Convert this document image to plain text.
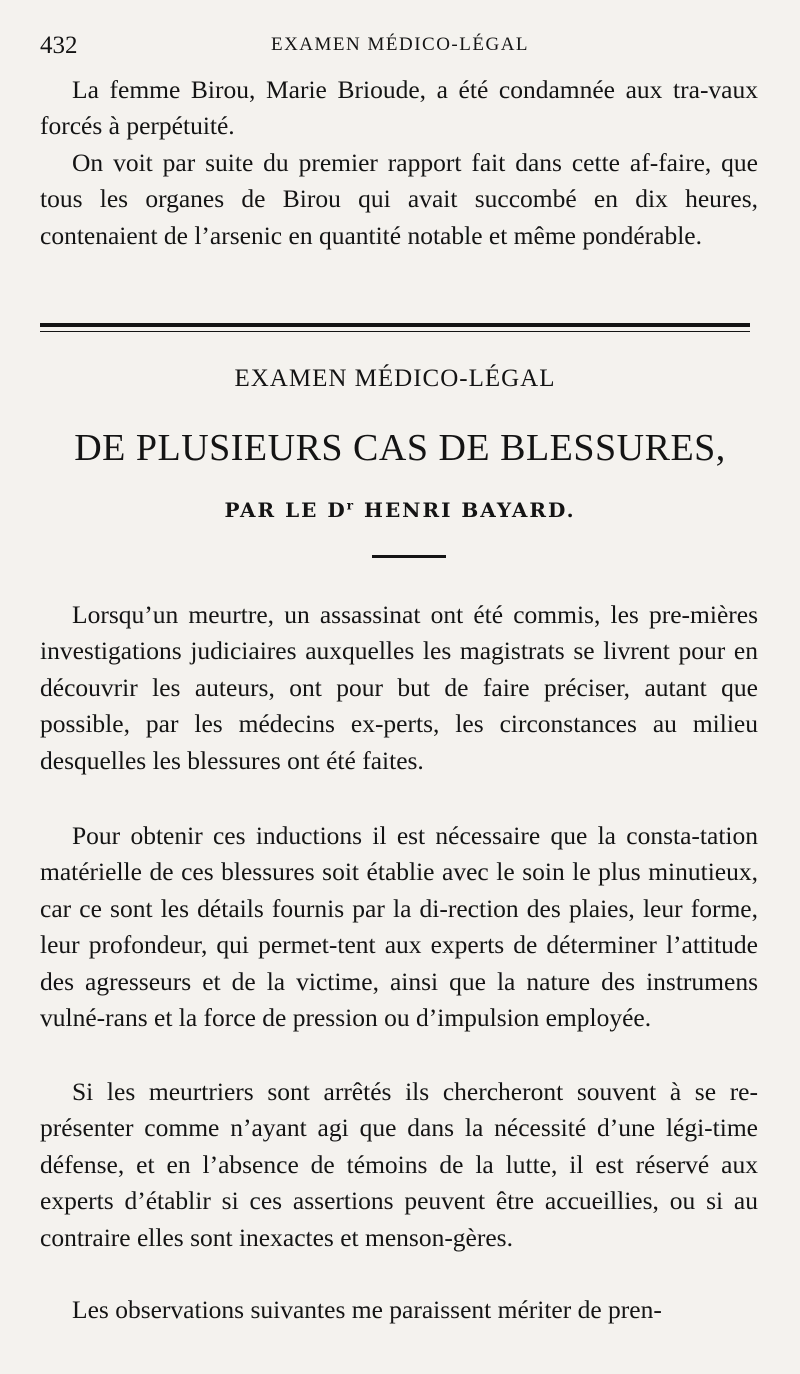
432	EXAMEN MÉDICO-LÉGAL

La femme Birou, Marie Brioude, a été condamnée aux tra-vaux forcés à perpétuité.

On voit par suite du premier rapport fait dans cette af-faire, que tous les organes de Birou qui avait succombé en dix heures, contenaient de l’arsenic en quantité notable et même pondérable.

EXAMEN MÉDICO-LÉGAL
DE PLUSIEURS CAS DE BLESSURES,
PAR LE $D^r$ HENRI BAYARD.

Lorsqu’un meurtre, un assassinat ont été commis, les pre-mières investigations judiciaires auxquelles les magistrats se livrent pour en découvrir les auteurs, ont pour but de faire préciser, autant que possible, par les médecins ex-perts, les circonstances au milieu desquelles les blessures ont été faites.

Pour obtenir ces inductions il est nécessaire que la consta-tation matérielle de ces blessures soit établie avec le soin le plus minutieux, car ce sont les détails fournis par la di-rection des plaies, leur forme, leur profondeur, qui permet-tent aux experts de déterminer l’attitude des agresseurs et de la victime, ainsi que la nature des instrumens vulné-rans et la force de pression ou d’impulsion employée.

Si les meurtriers sont arrêtés ils chercheront souvent à se re-présenter comme n’ayant agi que dans la nécessité d’une légi-time défense, et en l’absence de témoins de la lutte, il est réservé aux experts d’établir si ces assertions peuvent être accueillies, ou si au contraire elles sont inexactes et menson-gères.

Les observations suivantes me paraissent mériter de pren-
